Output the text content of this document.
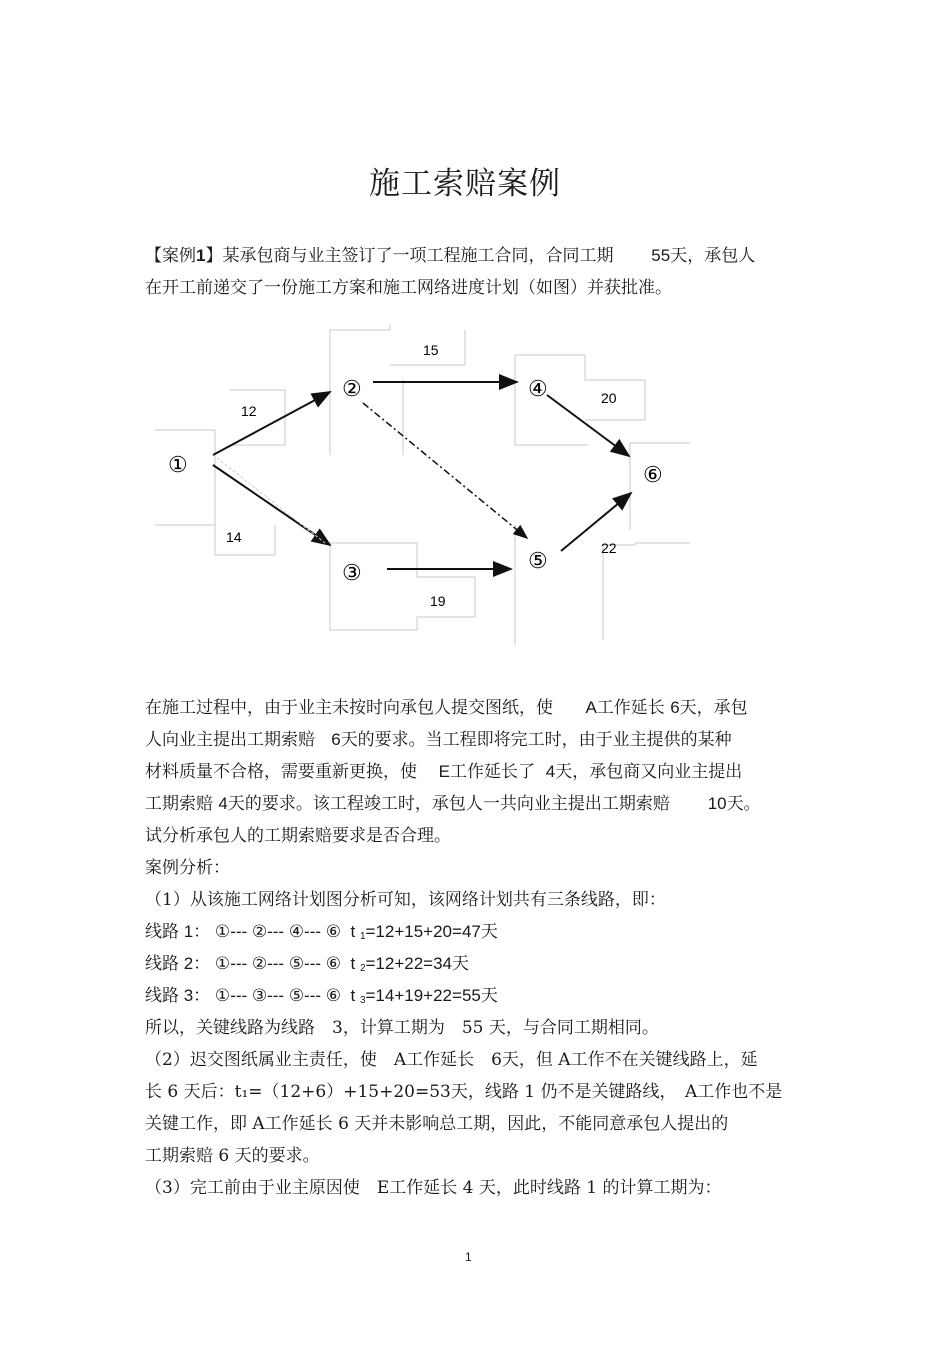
施工索赔案例

【案例1】某承包商与业主签订了一项工程施工合同，合同工期 55天，承包人
在开工前递交了一份施工方案和施工网络进度计划（如图）并获批准。

①
②
③
④
⑤
⑥
12
14
15
19
20
22
在施工过程中，由于业主未按时向承包人提交图纸，使 A工作延长 6天，承包
人向业主提出工期索赔 6天的要求。当工程即将完工时，由于业主提供的某种
材料质量不合格，需要重新更换，使 E工作延长了 4天，承包商又向业主提出
工期索赔 4天的要求。该工程竣工时，承包人一共向业主提出工期索赔 10天。
试分析承包人的工期索赔要求是否合理。
案例分析：
（1）从该施工网络计划图分析可知，该网络计划共有三条线路，即：
线路 1： ①--- ②--- ④--- ⑥ t $_1$=12+15+20=47天
线路 2： ①--- ②--- ⑤--- ⑥ t $_2$=12+22=34天
线路 3： ①--- ③--- ⑤--- ⑥ t $_3$=14+19+22=55天
所以，关键线路为线路　3，计算工期为　55 天，与合同工期相同。
（2）迟交图纸属业主责任，使　A工作延长　6天，但 A工作不在关键线路上，延
长 6 天后：t₁=（12+6）+15+20=53天，线路 1 仍不是关键路线，　A工作也不是
关键工作，即 A工作延长 6 天并未影响总工期，因此，不能同意承包人提出的
工期索赔 6 天的要求。
（3）完工前由于业主原因使　E工作延长 4 天，此时线路 1 的计算工期为：
1
